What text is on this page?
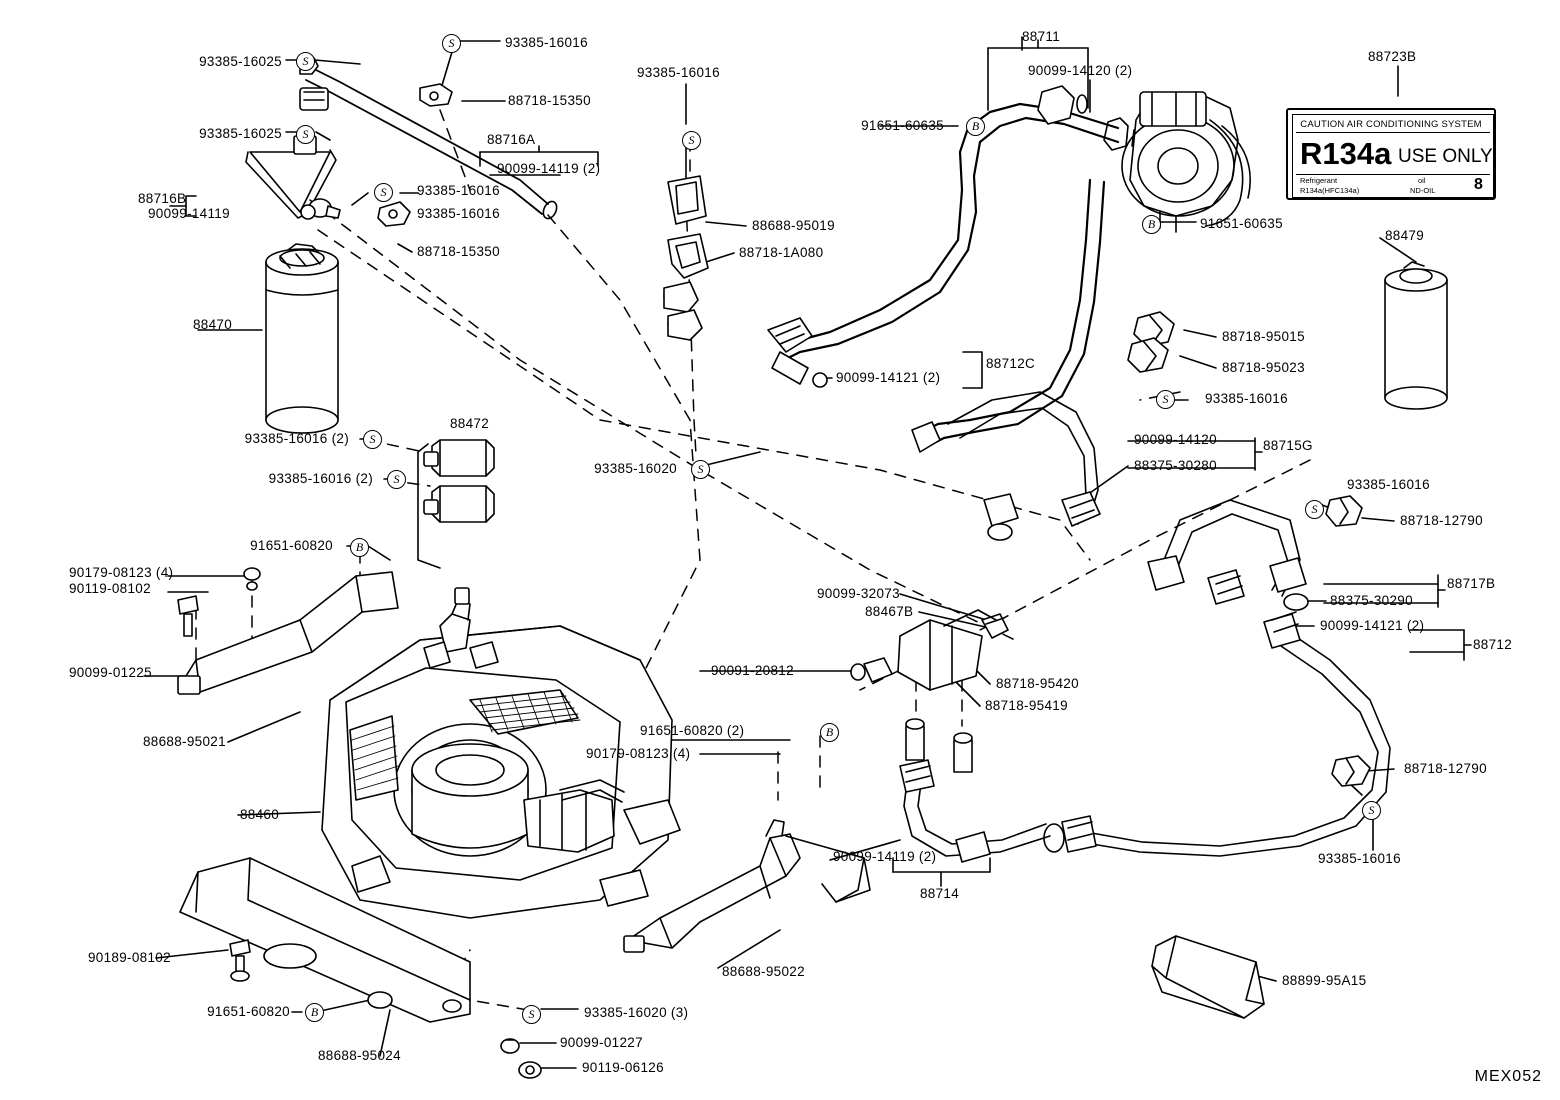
CAUTION AIR CONDITIONING SYSTEM
R134a USE ONLY
Refrigerant
R134a(HFC134a)
oil
ND-OIL 8
93385-16025	S
93385-16016
S	88711
88723B
90099-14120 (2)
93385-16016
S
88718-15350
91651-60635	B
93385-16025	S	88716A
90099-14119 (2)
93385-16016
S
88716B
90099-14119	93385-16016
91651-60635
B
88718-15350
88688-95019
88718-1A080
88479
88470
88718-95015
88718-95023
90099-14121 (2)
88712C
88472
93385-16016
S
93385-16016 (2)	S	90099-14120	88715G
93385-16016 (2)	S
93385-16020	S	88375-30280
93385-16016
S
88718-12790
91651-60820	B
90179-08123 (4)
90119-08102	88717B
88375-30290
90099-32073
88467B
90099-14121 (2)
88712
90099-01225	90091-20812
88718-95420
88718-95419
88688-95021
91651-60820 (2)	B
90179-08123 (4)
88718-12790
88460
90099-14119 (2)	93385-16016
S
88714
90189-08102
88688-95022
88899-95A15
91651-60820	B	93385-16020 (3)
S
90099-01227
88688-95024
90119-06126
MEX052
